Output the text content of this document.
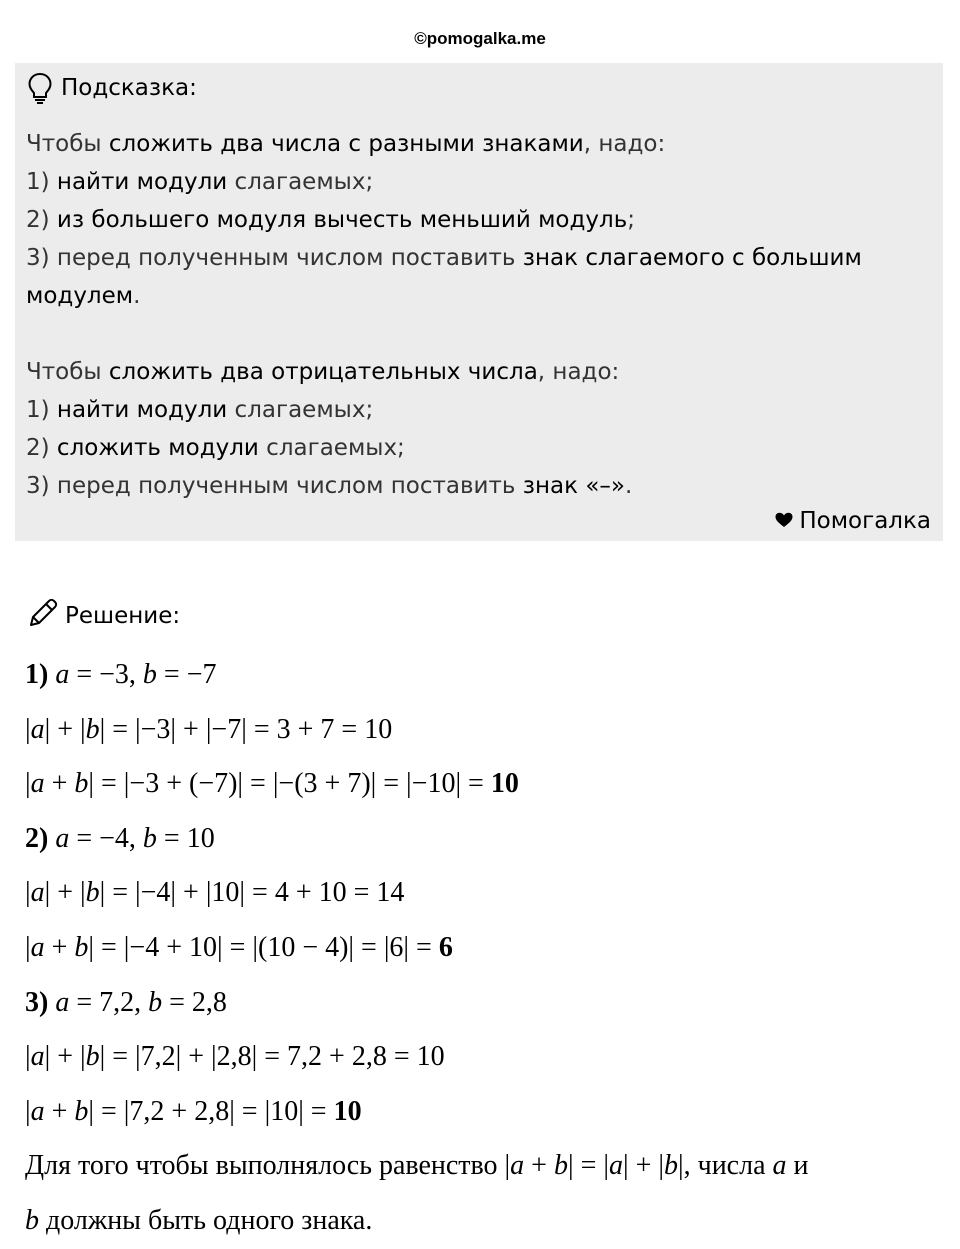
©pomogalka.me
Подсказка:
Чтобы сложить два числа с разными знаками, надо:
1) найти модули слагаемых;
2) из большего модуля вычесть меньший модуль;
3) перед полученным числом поставить знак слагаемого с большим
модулем.
Чтобы сложить два отрицательных числа, надо:
1) найти модули слагаемых;
2) сложить модули слагаемых;
3) перед полученным числом поставить знак «–».
Помогалка
Решение:
1) a = −3, b = −7
|a| + |b| = |−3| + |−7| = 3 + 7 = 10
|a + b| = |−3 + (−7)| = |−(3 + 7)| = |−10| = 10
2) a = −4, b = 10
|a| + |b| = |−4| + |10| = 4 + 10 = 14
|a + b| = |−4 + 10| = |(10 − 4)| = |6| = 6
3) a = 7,2, b = 2,8
|a| + |b| = |7,2| + |2,8| = 7,2 + 2,8 = 10
|a + b| = |7,2 + 2,8| = |10| = 10
Для того чтобы выполнялось равенство |a + b| = |a| + |b|, числа a и
b должны быть одного знака.
